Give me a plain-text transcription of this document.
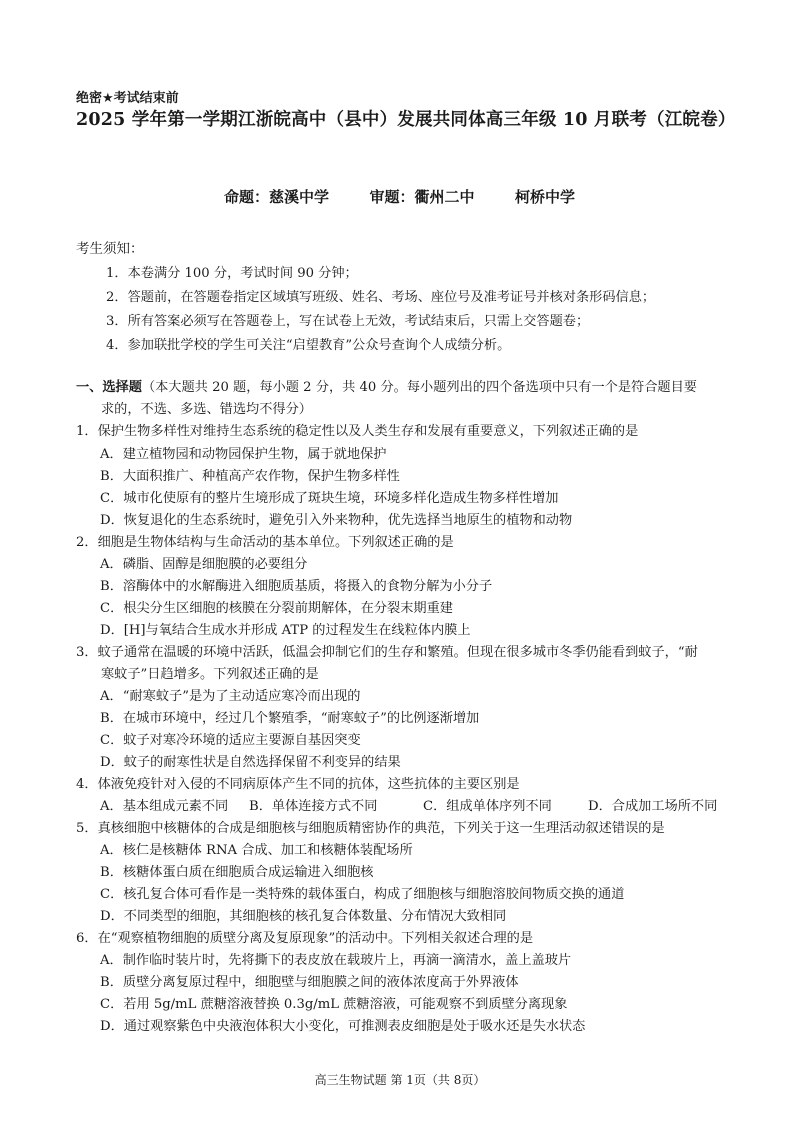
绝密★考试结束前
2025 学年第一学期江浙皖高中（县中）发展共同体高三年级 10 月联考（江皖卷）
命题：慈溪中学	审题：衢州二中	柯桥中学
考生须知：
1．本卷满分 100 分，考试时间 90 分钟；
2．答题前，在答题卷指定区域填写班级、姓名、考场、座位号及准考证号并核对条形码信息；
3．所有答案必须写在答题卷上，写在试卷上无效，考试结束后，只需上交答题卷；
4．参加联批学校的学生可关注“启望教育”公众号查询个人成绩分析。
一、选择题（本大题共 20 题，每小题 2 分，共 40 分。每小题列出的四个备选项中只有一个是符合题目要
求的，不选、多选、错选均不得分）
1．保护生物多样性对维持生态系统的稳定性以及人类生存和发展有重要意义，下列叙述正确的是
A．建立植物园和动物园保护生物，属于就地保护
B．大面积推广、种植高产农作物，保护生物多样性
C．城市化使原有的整片生境形成了斑块生境，环境多样化造成生物多样性增加
D．恢复退化的生态系统时，避免引入外来物种，优先选择当地原生的植物和动物
2．细胞是生物体结构与生命活动的基本单位。下列叙述正确的是
A．磷脂、固醇是细胞膜的必要组分
B．溶酶体中的水解酶进入细胞质基质，将摄入的食物分解为小分子
C．根尖分生区细胞的核膜在分裂前期解体，在分裂末期重建
D．[H]与氧结合生成水并形成 ATP 的过程发生在线粒体内膜上
3．蚊子通常在温暖的环境中活跃，低温会抑制它们的生存和繁殖。但现在很多城市冬季仍能看到蚊子，“耐
寒蚊子”日趋增多。下列叙述正确的是
A．“耐寒蚊子”是为了主动适应寒冷而出现的
B．在城市环境中，经过几个繁殖季，“耐寒蚊子”的比例逐渐增加
C．蚊子对寒冷环境的适应主要源自基因突变
D．蚊子的耐寒性状是自然选择保留不利变异的结果
4．体液免疫针对入侵的不同病原体产生不同的抗体，这些抗体的主要区别是
A．基本组成元素不同 B．单体连接方式不同	C．组成单体序列不同	D．合成加工场所不同
5．真核细胞中核糖体的合成是细胞核与细胞质精密协作的典范，下列关于这一生理活动叙述错误的是
A．核仁是核糖体 RNA 合成、加工和核糖体装配场所
B．核糖体蛋白质在细胞质合成运输进入细胞核
C．核孔复合体可看作是一类特殊的载体蛋白，构成了细胞核与细胞溶胶间物质交换的通道
D．不同类型的细胞，其细胞核的核孔复合体数量、分布情况大致相同
6．在“观察植物细胞的质壁分离及复原现象”的活动中。下列相关叙述合理的是
A．制作临时装片时，先将撕下的表皮放在载玻片上，再滴一滴清水，盖上盖玻片
B．质壁分离复原过程中，细胞壁与细胞膜之间的液体浓度高于外界液体
C．若用 5g/mL 蔗糖溶液替换 0.3g/mL 蔗糖溶液，可能观察不到质壁分离现象
D．通过观察紫色中央液泡体积大小变化，可推测表皮细胞是处于吸水还是失水状态
高三生物试题 第 1页（共 8页）
